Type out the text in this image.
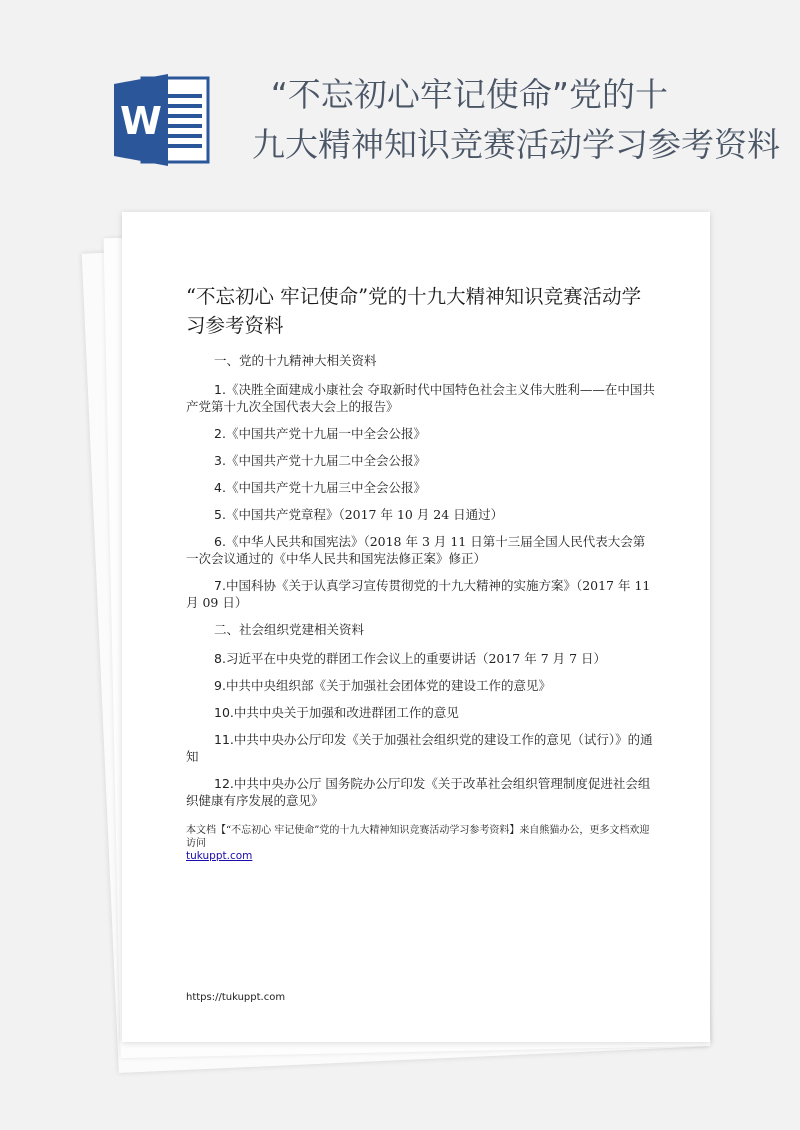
W
“不忘初心牢记使命”党的十
九大精神知识竞赛活动学习参考资料
“不忘初心 牢记使命”党的十九大精神知识竞赛活动学习参考资料
一、党的十九精神大相关资料
1.《决胜全面建成小康社会 夺取新时代中国特色社会主义伟大胜利——在中国共产党第十九次全国代表大会上的报告》
2.《中国共产党十九届一中全会公报》
3.《中国共产党十九届二中全会公报》
4.《中国共产党十九届三中全会公报》
5.《中国共产党章程》（2017 年 10 月 24 日通过）
6.《中华人民共和国宪法》（2018 年 3 月 11 日第十三届全国人民代表大会第一次会议通过的《中华人民共和国宪法修正案》修正）
7.中国科协《关于认真学习宣传贯彻党的十九大精神的实施方案》（2017 年 11 月 09 日）
二、社会组织党建相关资料
8.习近平在中央党的群团工作会议上的重要讲话（2017 年 7 月 7 日）
9.中共中央组织部《关于加强社会团体党的建设工作的意见》
10.中共中央关于加强和改进群团工作的意见
11.中共中央办公厅印发《关于加强社会组织党的建设工作的意见（试行）》的通知
12.中共中央办公厅 国务院办公厅印发《关于改革社会组织管理制度促进社会组织健康有序发展的意见》
本文档【“不忘初心 牢记使命”党的十九大精神知识竞赛活动学习参考资料】来自熊猫办公，更多文档欢迎访问
tukuppt.com
https://tukuppt.com
